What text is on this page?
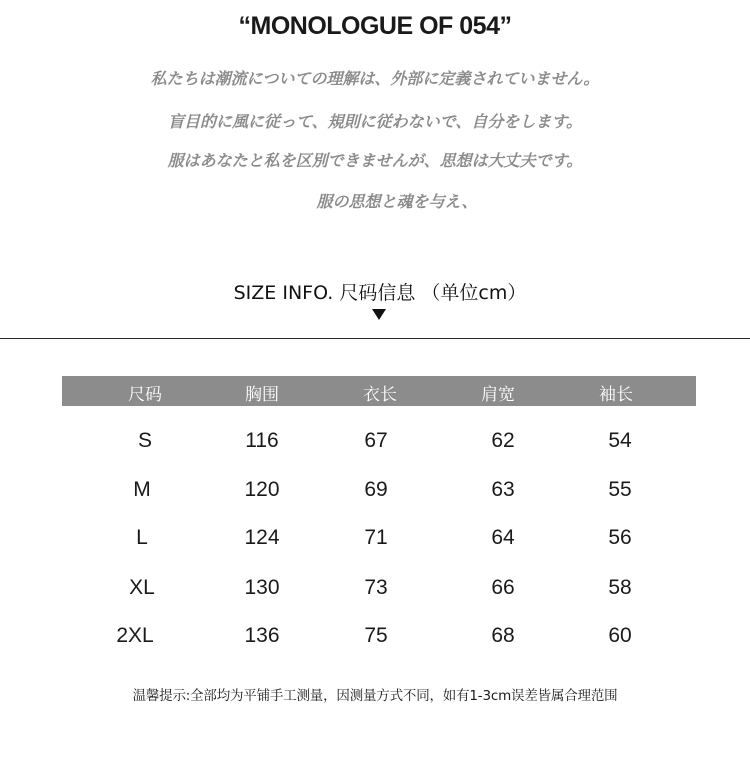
“MONOLOGUE OF 054”
私たちは潮流についての理解は、外部に定義されていません。
盲目的に風に従って、規則に従わないで、自分をします。
服はあなたと私を区別できませんが、思想は大丈夫です。
服の思想と魂を与え、
SIZE INFO. 尺码信息 （单位cm）
尺码	胸围	衣长	肩宽	袖长
S	116	67	62	54
M	120	69	63	55
L	124	71	64	56
XL	130	73	66	58
2XL	136	75	68	60
温馨提示:全部均为平铺手工测量，因测量方式不同，如有1-3cm误差皆属合理范围
